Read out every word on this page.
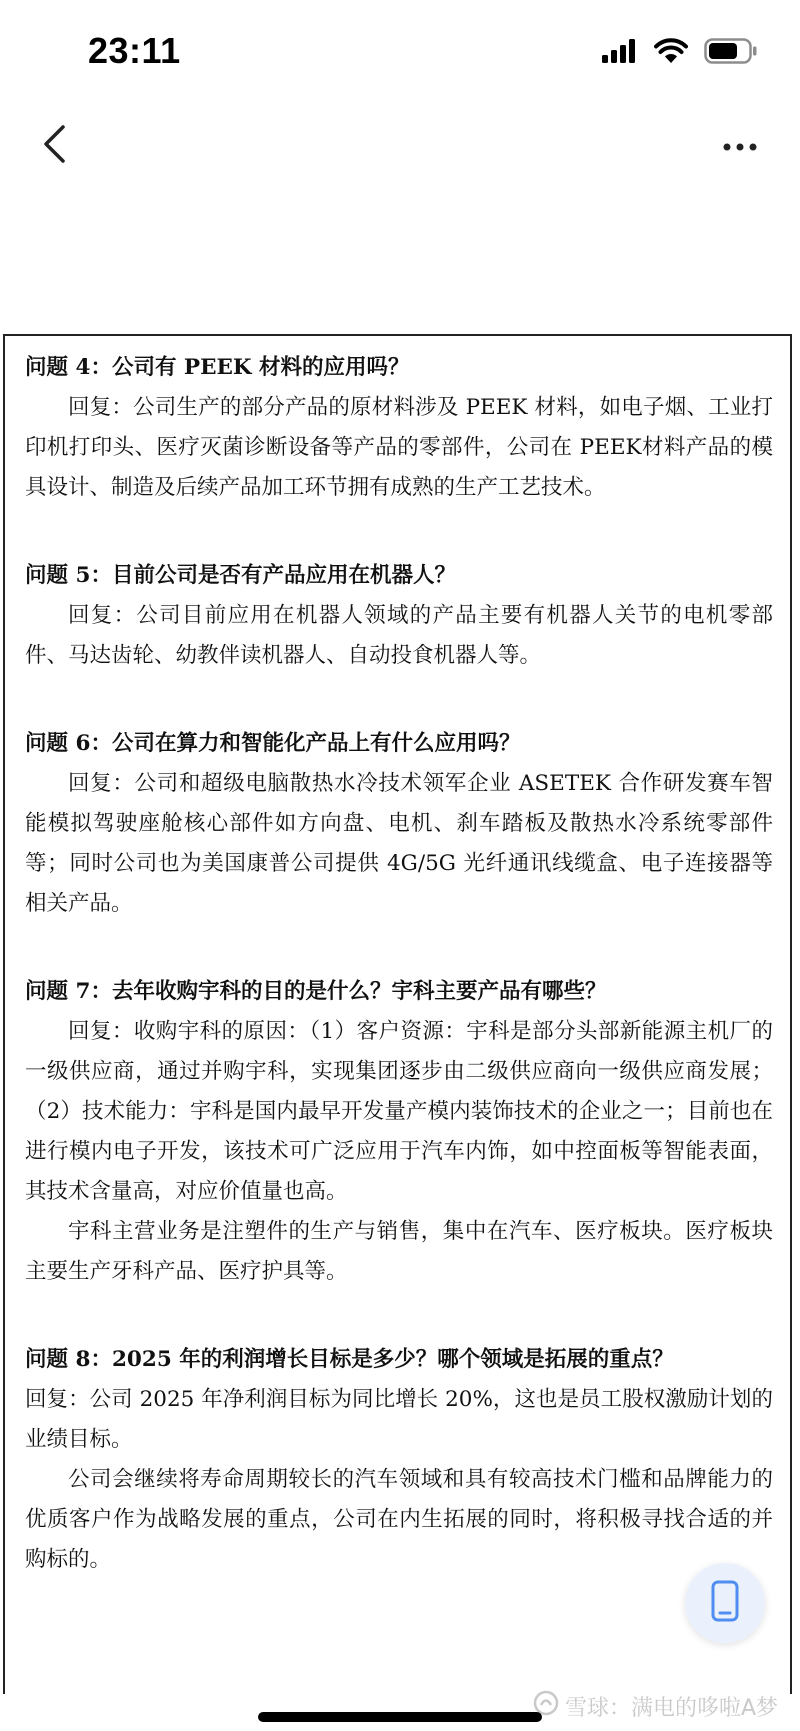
23:11

问题 4：公司有 PEEK 材料的应用吗？

回复：公司生产的部分产品的原材料涉及 PEEK 材料，如电子烟、工业打印机打印头、医疗灭菌诊断设备等产品的零部件，公司在 PEEK材料产品的模具设计、制造及后续产品加工环节拥有成熟的生产工艺技术。

问题 5：目前公司是否有产品应用在机器人？

回复：公司目前应用在机器人领域的产品主要有机器人关节的电机零部件、马达齿轮、幼教伴读机器人、自动投食机器人等。

问题 6：公司在算力和智能化产品上有什么应用吗？

回复：公司和超级电脑散热水冷技术领军企业 ASETEK 合作研发赛车智能模拟驾驶座舱核心部件如方向盘、电机、刹车踏板及散热水冷系统零部件等；同时公司也为美国康普公司提供 4G/5G 光纤通讯线缆盒、电子连接器等相关产品。

问题 7：去年收购宇科的目的是什么？宇科主要产品有哪些？

回复：收购宇科的原因：（1）客户资源：宇科是部分头部新能源主机厂的一级供应商，通过并购宇科，实现集团逐步由二级供应商向一级供应商发展；（2）技术能力：宇科是国内最早开发量产模内装饰技术的企业之一；目前也在进行模内电子开发，该技术可广泛应用于汽车内饰，如中控面板等智能表面，其技术含量高，对应价值量也高。

宇科主营业务是注塑件的生产与销售，集中在汽车、医疗板块。医疗板块主要生产牙科产品、医疗护具等。

问题 8：2025 年的利润增长目标是多少？哪个领域是拓展的重点？

回复：公司 2025 年净利润目标为同比增长 20%，这也是员工股权激励计划的业绩目标。

公司会继续将寿命周期较长的汽车领域和具有较高技术门槛和品牌能力的优质客户作为战略发展的重点，公司在内生拓展的同时，将积极寻找合适的并购标的。

雪球：满电的哆啦A梦
